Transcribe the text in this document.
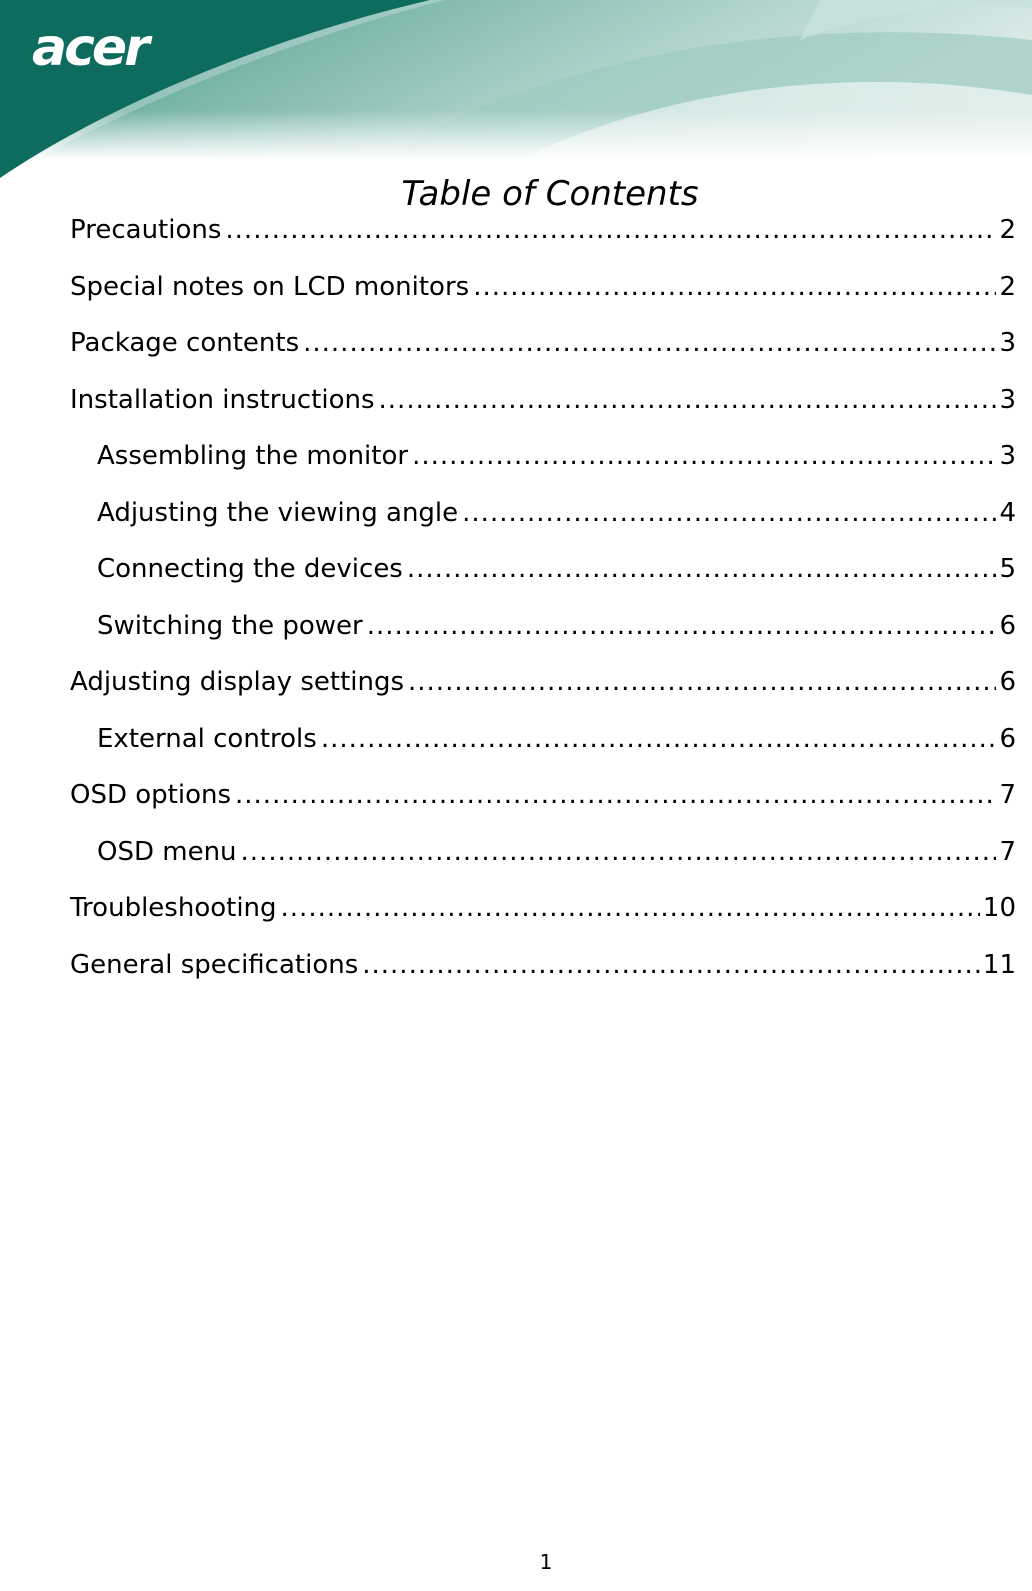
acer
Table of Contents
Precautions .....	2
Special notes on LCD monitors .....	2
Package contents .....	3
Installation instructions .....	3
Assembling the monitor .....	3
Adjusting the viewing angle .....	4
Connecting the devices .....	5
Switching the power .....	6
Adjusting display settings .....	6
External controls .....	6
OSD options .....	7
OSD menu .....	7
Troubleshooting .....	10
General specifications .....	11
1
